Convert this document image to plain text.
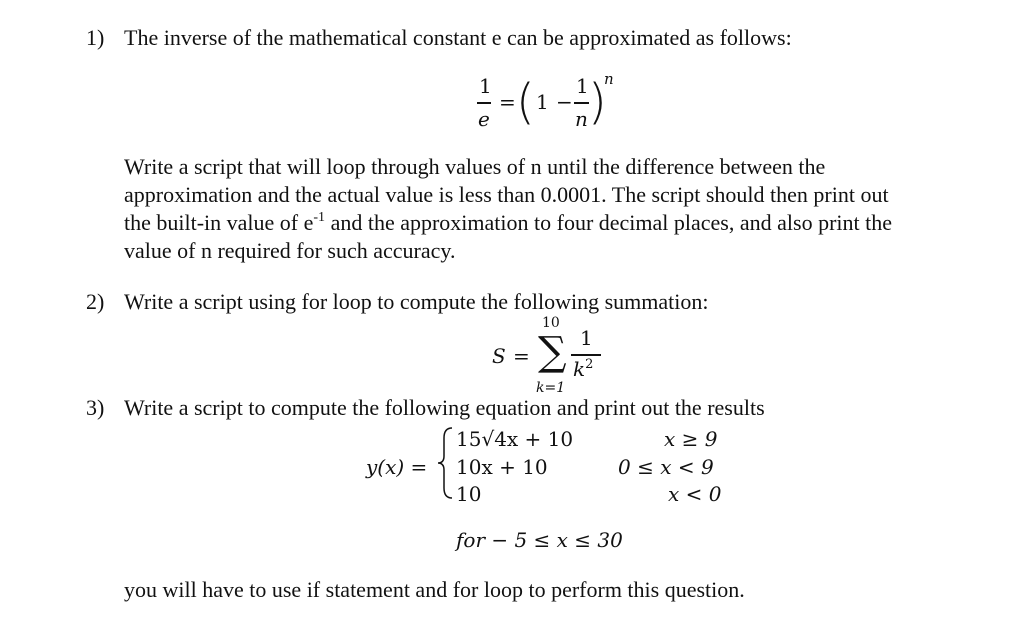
1) The inverse of the mathematical constant e can be approximated as follows:
1
e
= ( 1 −
1
n )
n
Write a script that will loop through values of n until the difference between the
approximation and the actual value is less than 0.0001. The script should then print out
the built-in value of $e^{-1}$ and the approximation to four decimal places, and also print the
value of n required for such accuracy.
2) Write a script using for loop to compute the following summation:
10
S = ∑
k=1
1
$k^2$
3) Write a script to compute the following equation and print out the results
y(x) =
15√4x + 10	x ≥ 9
10x + 10	0 ≤ x < 9
10	x < 0
for − 5 ≤ x ≤ 30
you will have to use if statement and for loop to perform this question.
